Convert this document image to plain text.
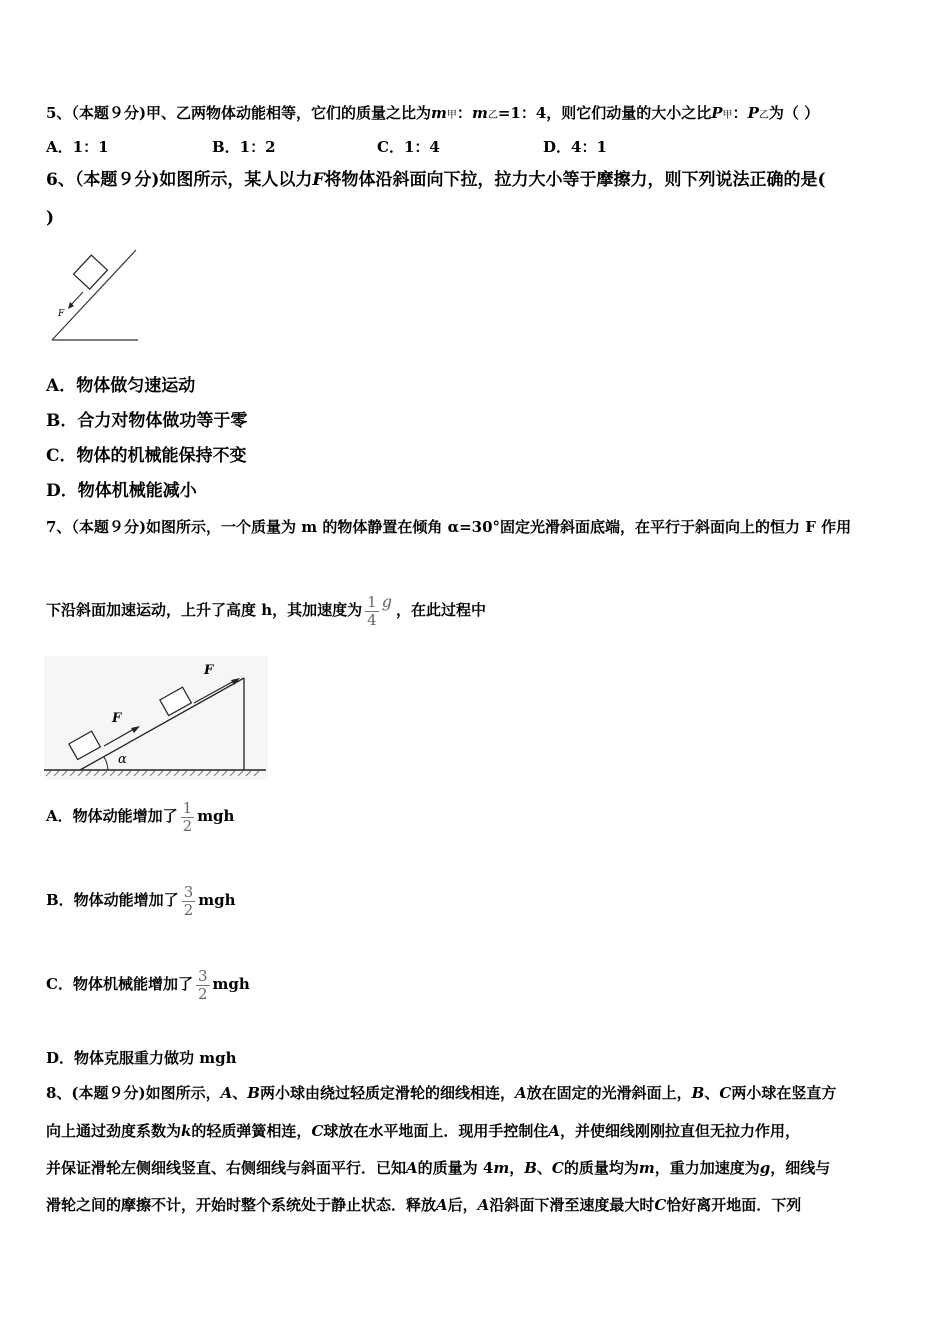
5、（本题９分)甲、乙两物体动能相等，它们的质量之比为m甲：m乙=1：4，则它们动量的大小之比P甲：P乙为（ ）
A．1：1	B．1：2	C．1：4	D．4：1
6、（本题９分)如图所示，某人以力F将物体沿斜面向下拉，拉力大小等于摩擦力，则下列说法正确的是(
)
F
A．物体做匀速运动
B．合力对物体做功等于零
C．物体的机械能保持不变
D．物体机械能减小
7、（本题９分)如图所示，一个质量为 m 的物体静置在倾角 α=30°固定光滑斜面底端，在平行于斜面向上的恒力 F 作用
下沿斜面加速运动，上升了高度 h，其加速度为 $\frac{1}{4}$ g ，在此过程中
α
F
F
A．物体动能增加了 $\frac{1}{2}$ mgh
B．物体动能增加了 $\frac{3}{2}$ mgh
C．物体机械能增加了 $\frac{3}{2}$ mgh
D．物体克服重力做功 mgh
8、(本题９分)如图所示，A、B两小球由绕过轻质定滑轮的细线相连，A放在固定的光滑斜面上，B、C两小球在竖直方
向上通过劲度系数为k的轻质弹簧相连，C球放在水平地面上．现用手控制住A，并使细线刚刚拉直但无拉力作用，
并保证滑轮左侧细线竖直、右侧细线与斜面平行．已知A的质量为 4m，B、C的质量均为m，重力加速度为g，细线与
滑轮之间的摩擦不计，开始时整个系统处于静止状态．释放A后，A沿斜面下滑至速度最大时C恰好离开地面．下列
